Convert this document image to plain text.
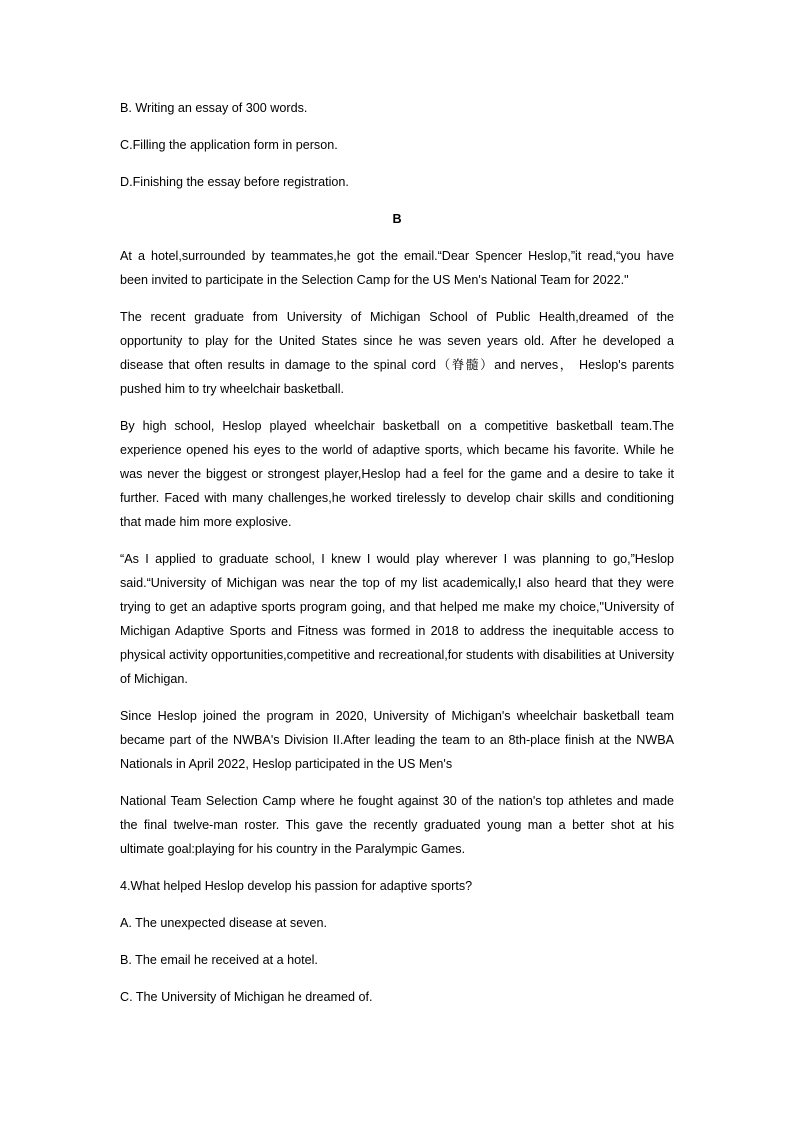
B. Writing an essay of 300 words.

C.Filling the application form in person.

D.Finishing the essay before registration.

B

At a hotel,surrounded by teammates,he got the email.“Dear Spencer Heslop,”it read,“you have been invited to participate in the Selection Camp for the US Men's National Team for 2022."

The recent graduate from University of Michigan School of Public Health,dreamed of the opportunity to play for the United States since he was seven years old. After he developed a disease that often results in damage to the spinal cord（脊髓）and nerves， Heslop's parents pushed him to try wheelchair basketball.

By high school, Heslop played wheelchair basketball on a competitive basketball team.The experience opened his eyes to the world of adaptive sports, which became his favorite. While he was never the biggest or strongest player,Heslop had a feel for the game and a desire to take it further. Faced with many challenges,he worked tirelessly to develop chair skills and conditioning that made him more explosive.

“As I applied to graduate school, I knew I would play wherever I was planning to go,”Heslop said.“University of Michigan was near the top of my list academically,I also heard that they were trying to get an adaptive sports program going, and that helped me make my choice,"University of Michigan Adaptive Sports and Fitness was formed in 2018 to address the inequitable access to physical activity opportunities,competitive and recreational,for students with disabilities at University of Michigan.

Since Heslop joined the program in 2020, University of Michigan's wheelchair basketball team became part of the NWBA's Division II.After leading the team to an 8th-place finish at the NWBA Nationals in April 2022, Heslop participated in the US Men's

National Team Selection Camp where he fought against 30 of the nation's top athletes and made the final twelve-man roster. This gave the recently graduated young man a better shot at his ultimate goal:playing for his country in the Paralympic Games.

4.What helped Heslop develop his passion for adaptive sports?

A. The unexpected disease at seven.

B. The email he received at a hotel.

C. The University of Michigan he dreamed of.
